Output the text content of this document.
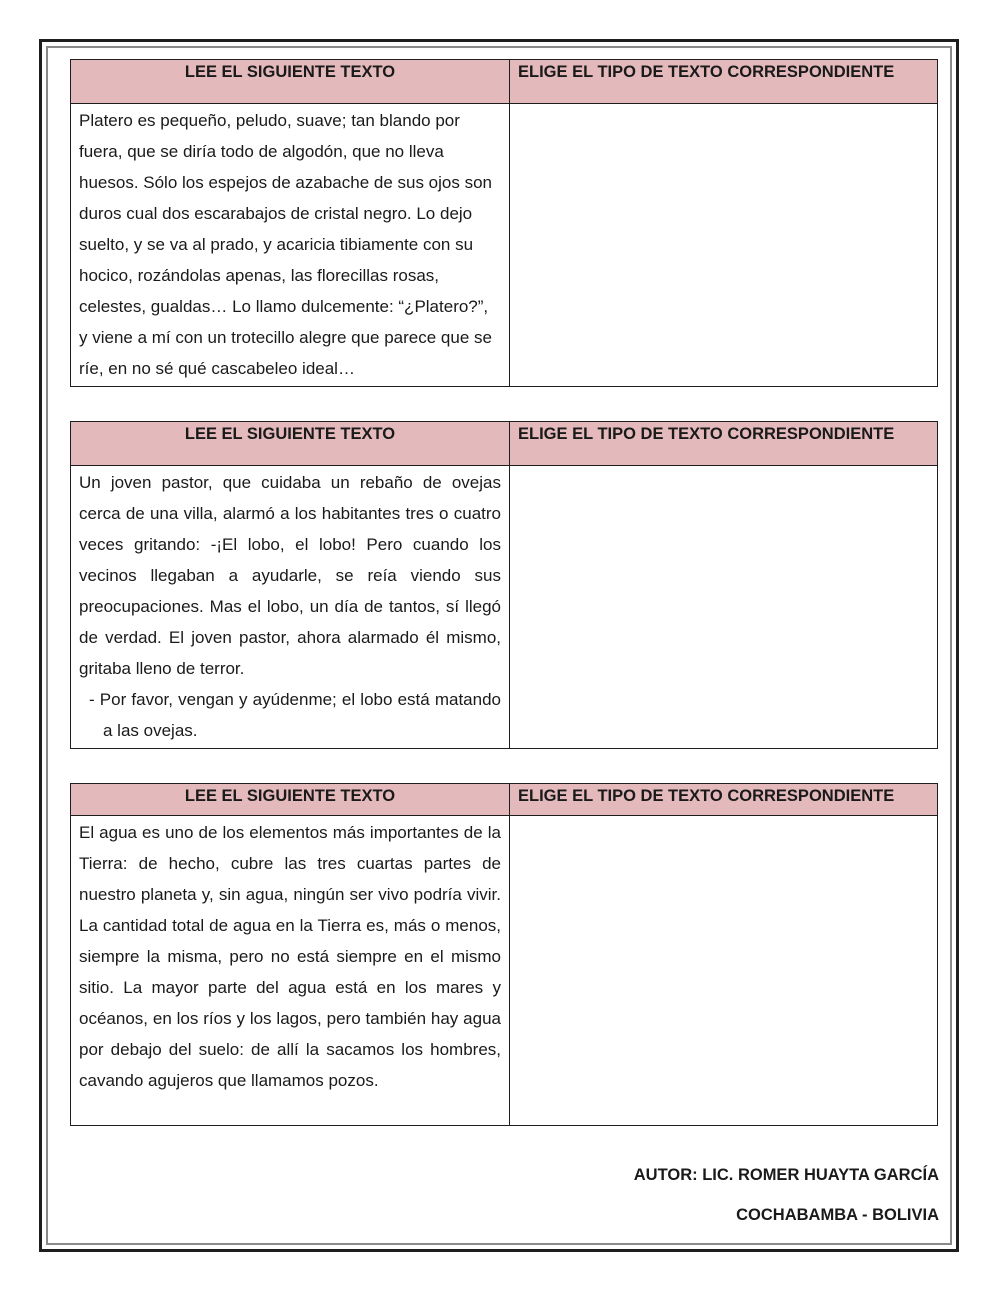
LEE EL SIGUIENTE TEXTO	ELIGE EL TIPO DE TEXTO CORRESPONDIENTE
Platero es pequeño, peludo, suave; tan blando por fuera, que se diría todo de algodón, que no lleva huesos. Sólo los espejos de azabache de sus ojos son duros cual dos escarabajos de cristal negro. Lo dejo suelto, y se va al prado, y acaricia tibiamente con su hocico, rozándolas apenas, las florecillas rosas, celestes, gualdas… Lo llamo dulcemente: “¿Platero?”, y viene a mí con un trotecillo alegre que parece que se ríe, en no sé qué cascabeleo ideal…	
LEE EL SIGUIENTE TEXTO	ELIGE EL TIPO DE TEXTO CORRESPONDIENTE
Un joven pastor, que cuidaba un rebaño de ovejas cerca de una villa, alarmó a los habitantes tres o cuatro veces gritando: -¡El lobo, el lobo! Pero cuando los vecinos llegaban a ayudarle, se reía viendo sus preocupaciones. Mas el lobo, un día de tantos, sí llegó de verdad. El joven pastor, ahora alarmado él mismo, gritaba lleno de terror.
- Por favor, vengan y ayúdenme; el lobo está matando a las ovejas.	

LEE EL SIGUIENTE TEXTO	ELIGE EL TIPO DE TEXTO CORRESPONDIENTE
El agua es uno de los elementos más importantes de la Tierra: de hecho, cubre las tres cuartas partes de nuestro planeta y, sin agua, ningún ser vivo podría vivir. La cantidad total de agua en la Tierra es, más o menos, siempre la misma, pero no está siempre en el mismo sitio. La mayor parte del agua está en los mares y océanos, en los ríos y los lagos, pero también hay agua por debajo del suelo: de allí la sacamos los hombres, cavando agujeros que llamamos pozos.	
AUTOR: LIC. ROMER HUAYTA GARCÍA
COCHABAMBA - BOLIVIA
